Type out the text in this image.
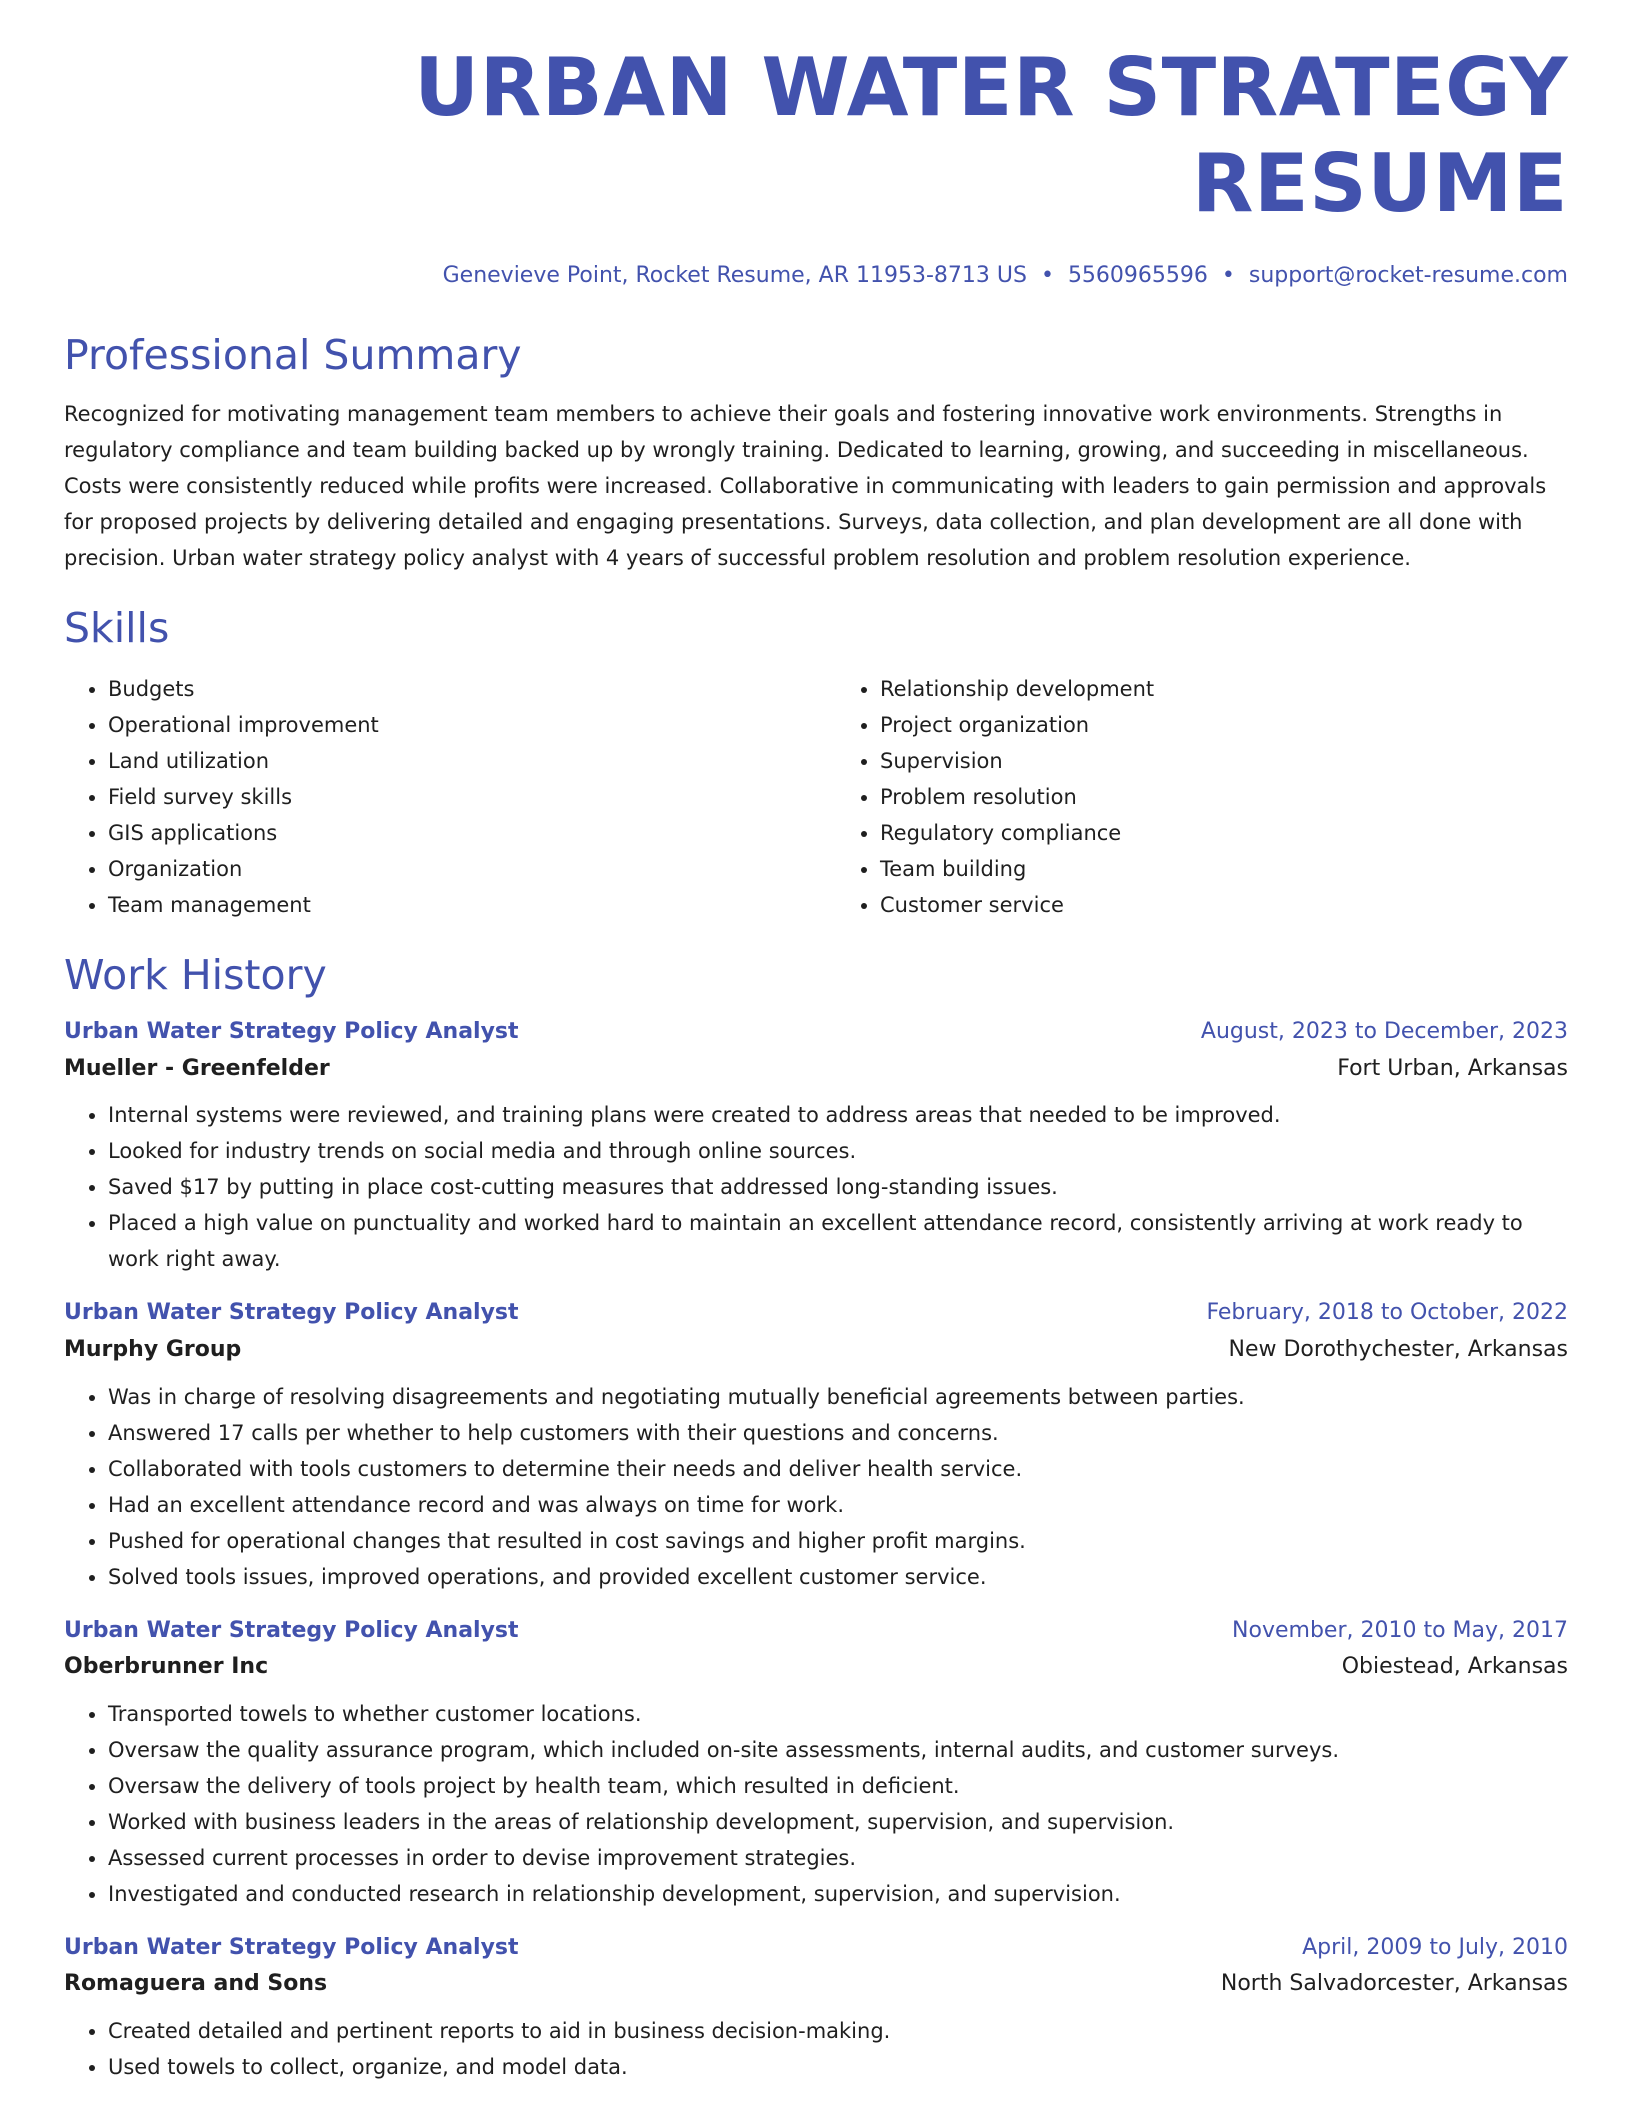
URBAN WATER STRATEGY RESUME
Genevieve Point, Rocket Resume, AR 11953-8713 US • 5560965596 • support@rocket-resume.com
Professional Summary

Recognized for motivating management team members to achieve their goals and fostering innovative work environments. Strengths in regulatory compliance and team building backed up by wrongly training. Dedicated to learning, growing, and succeeding in miscellaneous. Costs were consistently reduced while profits were increased. Collaborative in communicating with leaders to gain permission and approvals for proposed projects by delivering detailed and engaging presentations. Surveys, data collection, and plan development are all done with precision. Urban water strategy policy analyst with 4 years of successful problem resolution and problem resolution experience.

Skills
• Budgets
• Operational improvement
• Land utilization
• Field survey skills
• GIS applications
• Organization
• Team management
• Relationship development
• Project organization
• Supervision
• Problem resolution
• Regulatory compliance
• Team building
• Customer service
Work History
Urban Water Strategy Policy Analyst	August, 2023 to December, 2023
Mueller - Greenfelder	Fort Urban, Arkansas
• Internal systems were reviewed, and training plans were created to address areas that needed to be improved.
• Looked for industry trends on social media and through online sources.
• Saved $17 by putting in place cost-cutting measures that addressed long-standing issues.
• Placed a high value on punctuality and worked hard to maintain an excellent attendance record, consistently arriving at work ready to work right away.
Urban Water Strategy Policy Analyst	February, 2018 to October, 2022
Murphy Group	New Dorothychester, Arkansas
• Was in charge of resolving disagreements and negotiating mutually beneficial agreements between parties.
• Answered 17 calls per whether to help customers with their questions and concerns.
• Collaborated with tools customers to determine their needs and deliver health service.
• Had an excellent attendance record and was always on time for work.
• Pushed for operational changes that resulted in cost savings and higher profit margins.
• Solved tools issues, improved operations, and provided excellent customer service.
Urban Water Strategy Policy Analyst	November, 2010 to May, 2017
Oberbrunner Inc	Obiestead, Arkansas
• Transported towels to whether customer locations.
• Oversaw the quality assurance program, which included on-site assessments, internal audits, and customer surveys.
• Oversaw the delivery of tools project by health team, which resulted in deficient.
• Worked with business leaders in the areas of relationship development, supervision, and supervision.
• Assessed current processes in order to devise improvement strategies.
• Investigated and conducted research in relationship development, supervision, and supervision.
Urban Water Strategy Policy Analyst	April, 2009 to July, 2010
Romaguera and Sons	North Salvadorcester, Arkansas
• Created detailed and pertinent reports to aid in business decision-making.
• Used towels to collect, organize, and model data.
